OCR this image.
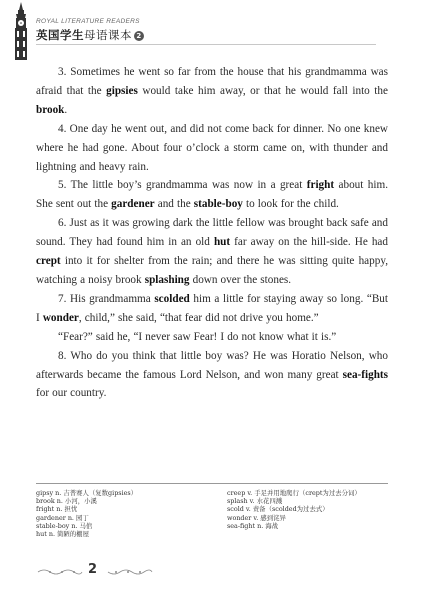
ROYAL LITERATURE READERS
英国学生母语课本 2

3. Sometimes he went so far from the house that his grandmamma was afraid that the gipsies would take him away, or that he would fall into the brook.

4. One day he went out, and did not come back for dinner. No one knew where he had gone. About four o’clock a storm came on, with thunder and lightning and heavy rain.

5. The little boy’s grandmamma was now in a great fright about him. She sent out the gardener and the stable-boy to look for the child.

6. Just as it was growing dark the little fellow was brought back safe and sound. They had found him in an old hut far away on the hill-side. He had crept into it for shelter from the rain; and there he was sitting quite happy, watching a noisy brook splashing down over the stones.

7. His grandmamma scolded him a little for staying away so long. “But I wonder, child,” she said, “that fear did not drive you home.”

“Fear?” said he, “I never saw Fear! I do not know what it is.”

8. Who do you think that little boy was? He was Horatio Nelson, who afterwards became the famous Lord Nelson, and won many great sea-fights for our country.

gipsy n. 吉普赛人（复数gipsies）
brook n. 小河，小溪
fright n. 担忧
gardener n. 园丁
stable-boy n. 马倌
hut n. 简陋的棚屋
creep v. 手足并用地爬行（crept为过去分词）
splash v. 水花四溅
scold v. 责备（scolded为过去式）
wonder v. 感到诧异
sea-fight n. 海战
2
